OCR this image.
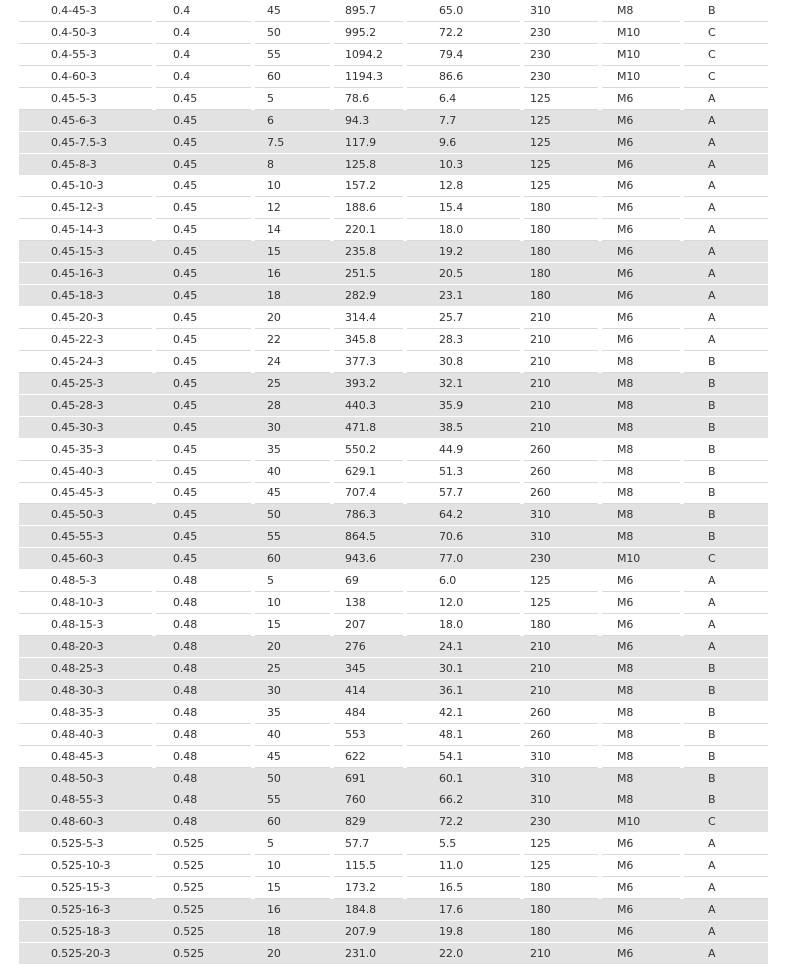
0.4-45-3	0.4	45	895.7	65.0	310	M8	B
0.4-50-3	0.4	50	995.2	72.2	230	M10	C
0.4-55-3	0.4	55	1094.2	79.4	230	M10	C
0.4-60-3	0.4	60	1194.3	86.6	230	M10	C
0.45-5-3	0.45	5	78.6	6.4	125	M6	A
0.45-6-3	0.45	6	94.3	7.7	125	M6	A
0.45-7.5-3	0.45	7.5	117.9	9.6	125	M6	A
0.45-8-3	0.45	8	125.8	10.3	125	M6	A
0.45-10-3	0.45	10	157.2	12.8	125	M6	A
0.45-12-3	0.45	12	188.6	15.4	180	M6	A
0.45-14-3	0.45	14	220.1	18.0	180	M6	A
0.45-15-3	0.45	15	235.8	19.2	180	M6	A
0.45-16-3	0.45	16	251.5	20.5	180	M6	A
0.45-18-3	0.45	18	282.9	23.1	180	M6	A
0.45-20-3	0.45	20	314.4	25.7	210	M6	A
0.45-22-3	0.45	22	345.8	28.3	210	M6	A
0.45-24-3	0.45	24	377.3	30.8	210	M8	B
0.45-25-3	0.45	25	393.2	32.1	210	M8	B
0.45-28-3	0.45	28	440.3	35.9	210	M8	B
0.45-30-3	0.45	30	471.8	38.5	210	M8	B
0.45-35-3	0.45	35	550.2	44.9	260	M8	B
0.45-40-3	0.45	40	629.1	51.3	260	M8	B
0.45-45-3	0.45	45	707.4	57.7	260	M8	B
0.45-50-3	0.45	50	786.3	64.2	310	M8	B
0.45-55-3	0.45	55	864.5	70.6	310	M8	B
0.45-60-3	0.45	60	943.6	77.0	230	M10	C
0.48-5-3	0.48	5	69	6.0	125	M6	A
0.48-10-3	0.48	10	138	12.0	125	M6	A
0.48-15-3	0.48	15	207	18.0	180	M6	A
0.48-20-3	0.48	20	276	24.1	210	M6	A
0.48-25-3	0.48	25	345	30.1	210	M8	B
0.48-30-3	0.48	30	414	36.1	210	M8	B
0.48-35-3	0.48	35	484	42.1	260	M8	B
0.48-40-3	0.48	40	553	48.1	260	M8	B
0.48-45-3	0.48	45	622	54.1	310	M8	B
0.48-50-3	0.48	50	691	60.1	310	M8	B
0.48-55-3	0.48	55	760	66.2	310	M8	B
0.48-60-3	0.48	60	829	72.2	230	M10	C
0.525-5-3	0.525	5	57.7	5.5	125	M6	A
0.525-10-3	0.525	10	115.5	11.0	125	M6	A
0.525-15-3	0.525	15	173.2	16.5	180	M6	A
0.525-16-3	0.525	16	184.8	17.6	180	M6	A
0.525-18-3	0.525	18	207.9	19.8	180	M6	A
0.525-20-3	0.525	20	231.0	22.0	210	M6	A
